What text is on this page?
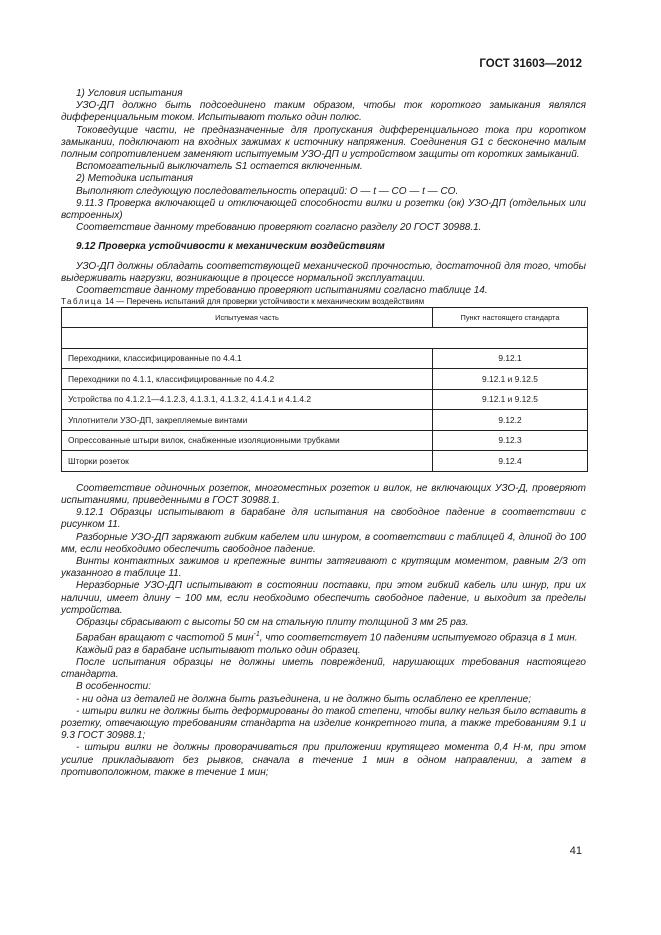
ГОСТ 31603—2012

1) Условия испытания

УЗО-ДП должно быть подсоединено таким образом, чтобы ток короткого замыкания являлся дифференциальным током. Испытывают только один полюс.

Токоведущие части, не предназначенные для пропускания дифференциального тока при коротком замыкании, подключают на входных зажимах к источнику напряжения. Соединения G1 с бесконечно малым полным сопротивлением заменяют испытуемым УЗО-ДП и устройством защиты от коротких замыканий.

Вспомогательный выключатель S1 остается включенным.

2) Методика испытания

Выполняют следующую последовательность операций: O — t — CO — t — CO.

9.11.3 Проверка включающей и отключающей способности вилки и розетки (ок) УЗО-ДП (отдельных или встроенных)

Соответствие данному требованию проверяют согласно разделу 20 ГОСТ 30988.1.

9.12 Проверка устойчивости к механическим воздействиям

УЗО-ДП должны обладать соответствующей механической прочностью, достаточной для того, чтобы выдерживать нагрузки, возникающие в процессе нормальной эксплуатации.

Соответствие данному требованию проверяют испытаниями согласно таблице 14.

Таблица 14 — Перечень испытаний для проверки устойчивости к механическим воздействиям

Испытуемая часть	Пункт настоящего стандарта

Переходники, классифицированные по 4.4.1	9.12.1
Переходники по 4.1.1, классифицированные по 4.4.2	9.12.1 и 9.12.5
Устройства по 4.1.2.1—4.1.2.3, 4.1.3.1, 4.1.3.2, 4.1.4.1 и 4.1.4.2	9.12.1 и 9.12.5
Уплотнители УЗО-ДП, закрепляемые винтами	9.12.2
Опрессованные штыри вилок, снабженные изоляционными трубками	9.12.3
Шторки розеток	9.12.4

Соответствие одиночных розеток, многоместных розеток и вилок, не включающих УЗО-Д, проверяют испытаниями, приведенными в ГОСТ 30988.1.

9.12.1 Образцы испытывают в барабане для испытания на свободное падение в соответствии с рисунком 11.

Разборные УЗО-ДП заряжают гибким кабелем или шнуром, в соответствии с таблицей 4, длиной до 100 мм, если необходимо обеспечить свободное падение.

Винты контактных зажимов и крепежные винты затягивают с крутящим моментом, равным 2/3 от указанного в таблице 11.

Неразборные УЗО-ДП испытывают в состоянии поставки, при этом гибкий кабель или шнур, при их наличии, имеет длину ~ 100 мм, если необходимо обеспечить свободное падение, и выходит за пределы устройства.

Образцы сбрасывают с высоты 50 см на стальную плиту толщиной 3 мм 25 раз.

Барабан вращают с частотой 5 мин$^{-1}$, что соответствует 10 падениям испытуемого образца в 1 мин.

Каждый раз в барабане испытывают только один образец.

После испытания образцы не должны иметь повреждений, нарушающих требования настоящего стандарта.

В особенности:

- ни одна из деталей не должна быть разъединена, и не должно быть ослаблено ее крепление;

- штыри вилки не должны быть деформированы до такой степени, чтобы вилку нельзя было вставить в розетку, отвечающую требованиям стандарта на изделие конкретного типа, а также требованиям 9.1 и 9.3 ГОСТ 30988.1;

- штыри вилки не должны проворачиваться при приложении крутящего момента 0,4 Н·м, при этом усилие прикладывают без рывков, сначала в течение 1 мин в одном направлении, а затем в противоположном, также в течение 1 мин;

41
